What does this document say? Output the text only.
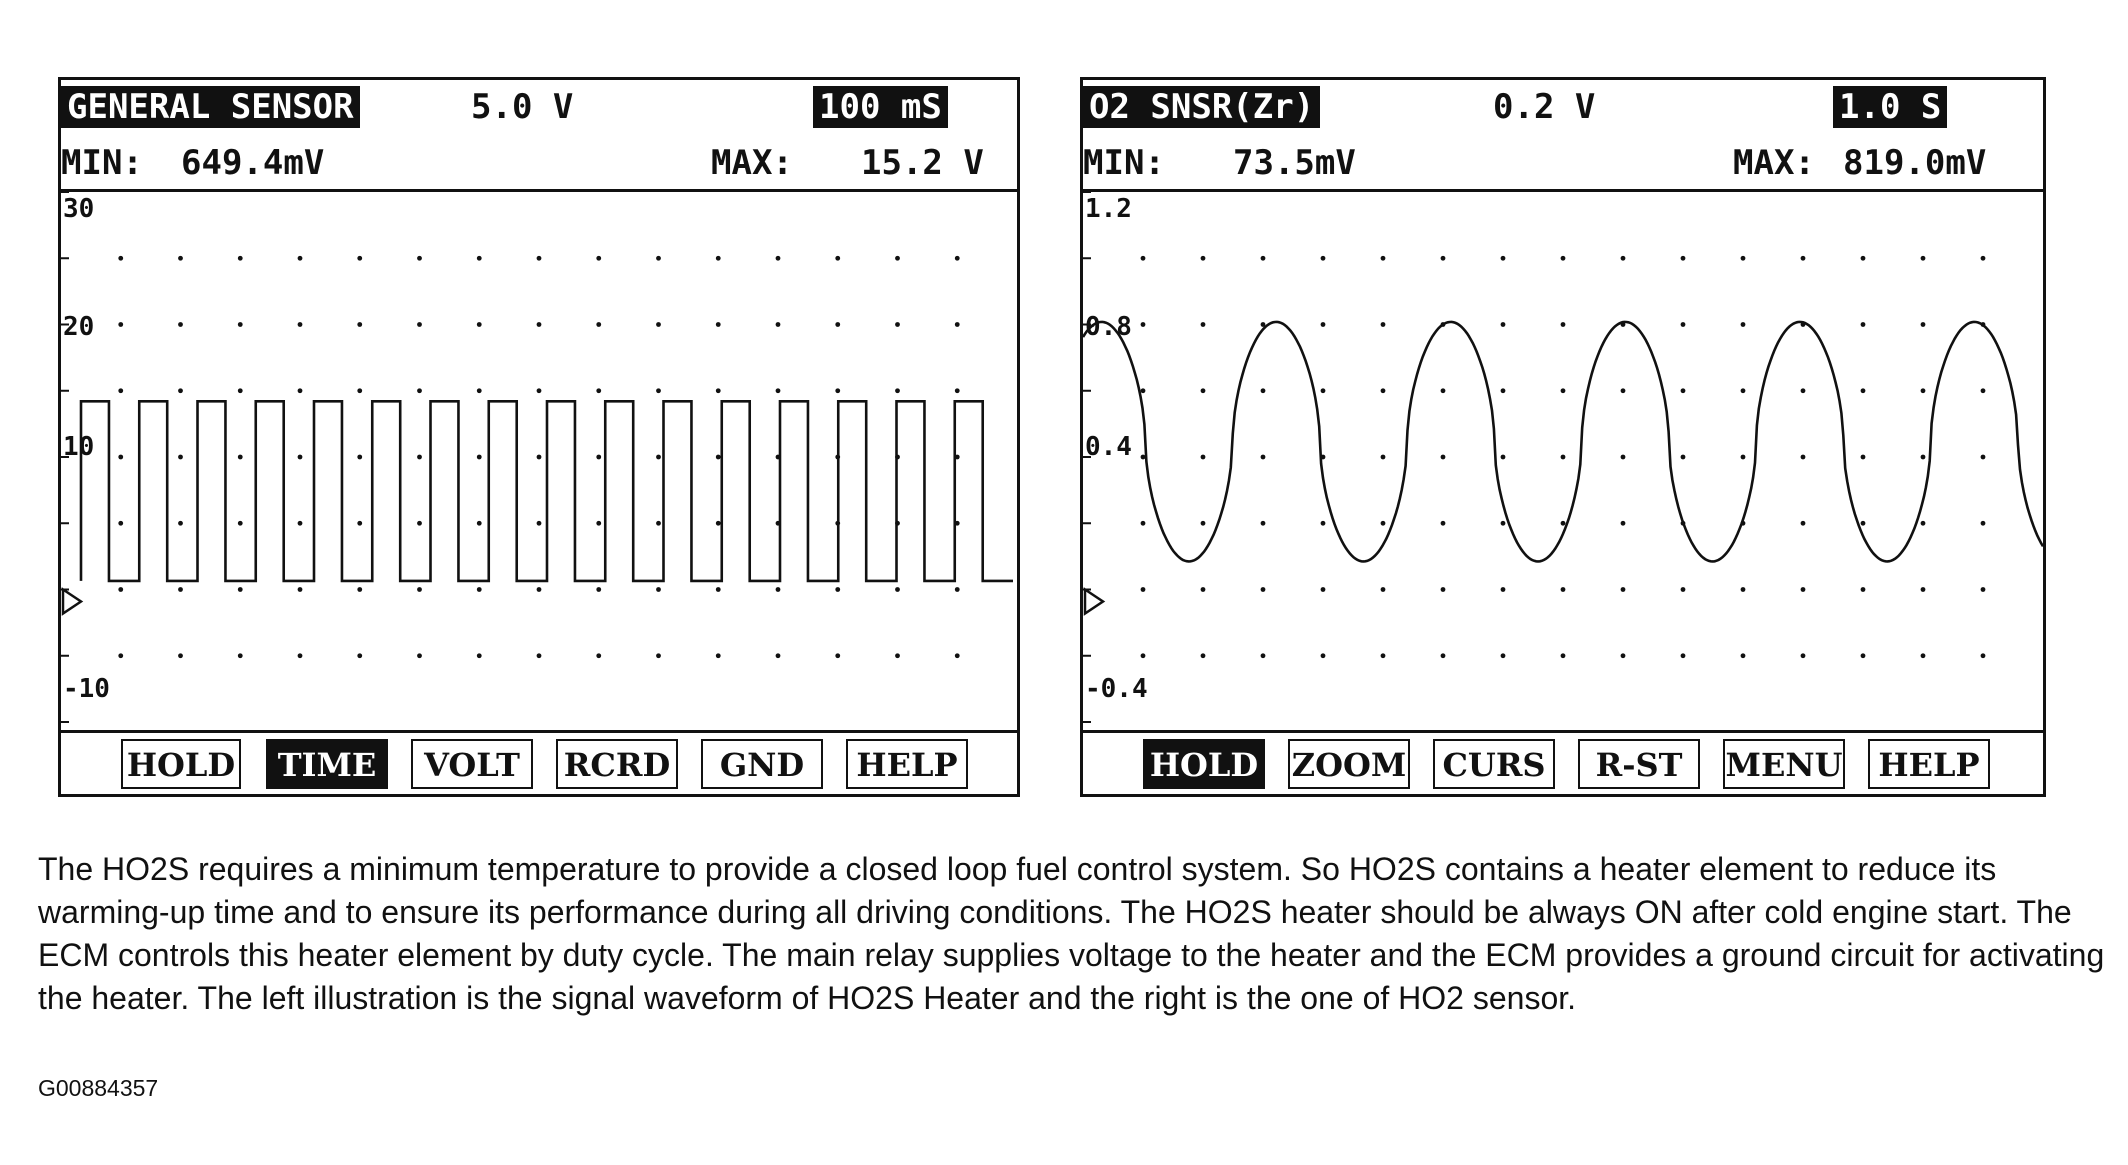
GENERAL SENSOR	5.0 V	100 mS
MIN: 649.4mV	MAX: 15.2 V
30
20
10
-10
HOLD	TIME	VOLT	RCRD	GND	HELP
O2 SNSR(Zr)	0.2 V	1.0 S
MIN: 73.5mV	MAX: 819.0mV
1.2
0.8
0.4
-0.4
HOLD ZOOM CURS	R-ST	MENU	HELP
The HO2S requires a minimum temperature to provide a closed loop fuel control system. So HO2S contains a heater element to reduce its warming-up time and to ensure its performance during all driving conditions. The HO2S heater should be always ON after cold engine start. The ECM controls this heater element by duty cycle. The main relay supplies voltage to the heater and the ECM provides a ground circuit for activating the heater. The left illustration is the signal waveform of HO2S Heater and the right is the one of HO2 sensor.
G00884357
